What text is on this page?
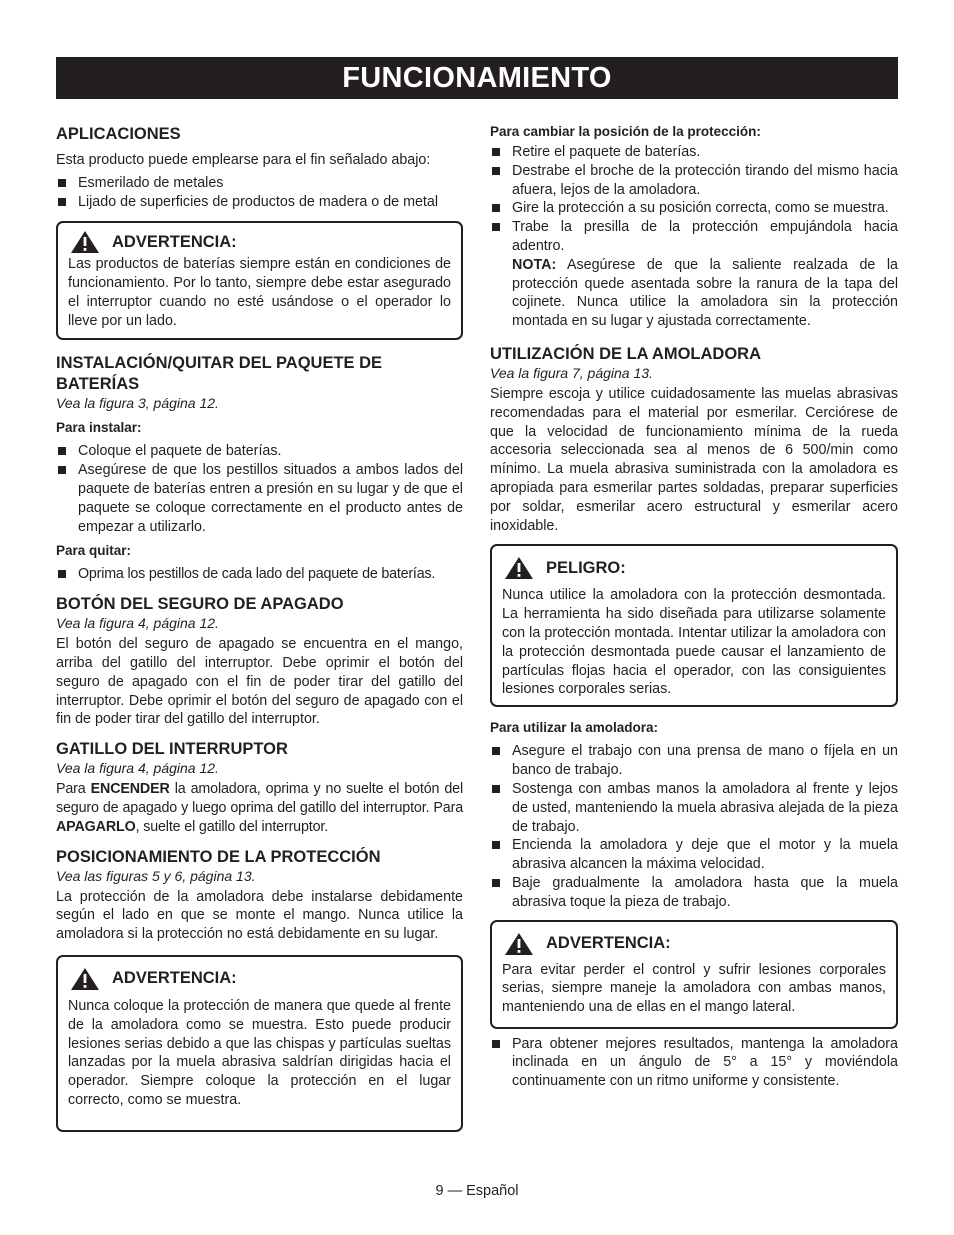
FUNCIONAMIENTO
APLICACIONES

Esta producto puede emplearse para el fin señalado abajo:

Esmerilado de metales
Lijado de superficies de productos de madera o de metal
ADVERTENCIA:

Las productos de baterías siempre están en condiciones de funcionamiento. Por lo tanto, siempre debe estar asegurado el interruptor cuando no esté usándose o el operador lo lleve por un lado.

INSTALACIÓN/QUITAR DEL PAQUETE DE BATERÍAS

Vea la figura 3, página 12.

Para instalar:

Coloque el paquete de baterías.
Asegúrese de que los pestillos situados a ambos lados del paquete de baterías entren a presión en su lugar y de que el paquete se coloque correctamente en el producto antes de empezar a utilizarlo.

Para quitar:

Oprima los pestillos de cada lado del paquete de baterías.
BOTÓN DEL SEGURO DE APAGADO

Vea la figura 4, página 12.

El botón del seguro de apagado se encuentra en el mango, arriba del gatillo del interruptor. Debe oprimir el botón del seguro de apagado con el fin de poder tirar del gatillo del interruptor. Debe oprimir el botón del seguro de apagado con el fin de poder tirar del gatillo del interruptor.

GATILLO DEL INTERRUPTOR

Vea la figura 4, página 12.

Para ENCENDER la amoladora, oprima y no suelte el botón del seguro de apagado y luego oprima del gatillo del interruptor. Para APAGARLO, suelte el gatillo del interruptor.

POSICIONAMIENTO DE LA PROTECCIÓN

Vea las figuras 5 y 6, página 13.

La protección de la amoladora debe instalarse debidamente según el lado en que se monte el mango. Nunca utilice la amoladora si la protección no está debidamente en su lugar.

ADVERTENCIA:

Nunca coloque la protección de manera que quede al frente de la amoladora como se muestra. Esto puede producir lesiones serias debido a que las chispas y partículas sueltas lanzadas por la muela abrasiva saldrían dirigidas hacia el operador. Siempre coloque la protección en el lugar correcto, como se muestra.

Para cambiar la posición de la protección:

Retire el paquete de baterías.
Destrabe el broche de la protección tirando del mismo hacia afuera, lejos de la amoladora.
Gire la protección a su posición correcta, como se muestra.
Trabe la presilla de la protección empujándola hacia adentro.
NOTA: Asegúrese de que la saliente realzada de la protección quede asentada sobre la ranura de la tapa del cojinete. Nunca utilice la amoladora sin la protección montada en su lugar y ajustada correctamente.
UTILIZACIÓN DE LA AMOLADORA

Vea la figura 7, página 13.

Siempre escoja y utilice cuidadosamente las muelas abrasivas recomendadas para el material por esmerilar. Cerciórese de que la velocidad de funcionamiento mínima de la rueda accesoria seleccionada sea al menos de 6 500/min como mínimo. La muela abrasiva suministrada con la amoladora es apropiada para esmerilar partes soldadas, preparar superficies por soldar, esmerilar acero estructural y esmerilar acero inoxidable.

PELIGRO:

Nunca utilice la amoladora con la protección desmontada. La herramienta ha sido diseñada para utilizarse solamente con la protección montada. Intentar utilizar la amoladora con la protección desmontada puede causar el lanzamiento de partículas flojas hacia el operador, con las consiguientes lesiones corporales serias.

Para utilizar la amoladora:

Asegure el trabajo con una prensa de mano o fíjela en un banco de trabajo.
Sostenga con ambas manos la amoladora al frente y lejos de usted, manteniendo la muela abrasiva alejada de la pieza de trabajo.
Encienda la amoladora y deje que el motor y la muela abrasiva alcancen la máxima velocidad.
Baje gradualmente la amoladora hasta que la muela abrasiva toque la pieza de trabajo.
ADVERTENCIA:

Para evitar perder el control y sufrir lesiones corporales serias, siempre maneje la amoladora con ambas manos, manteniendo una de ellas en el mango lateral.

Para obtener mejores resultados, mantenga la amoladora inclinada en un ángulo de 5° a 15° y moviéndola continuamente con un ritmo uniforme y consistente.
9 — Español
